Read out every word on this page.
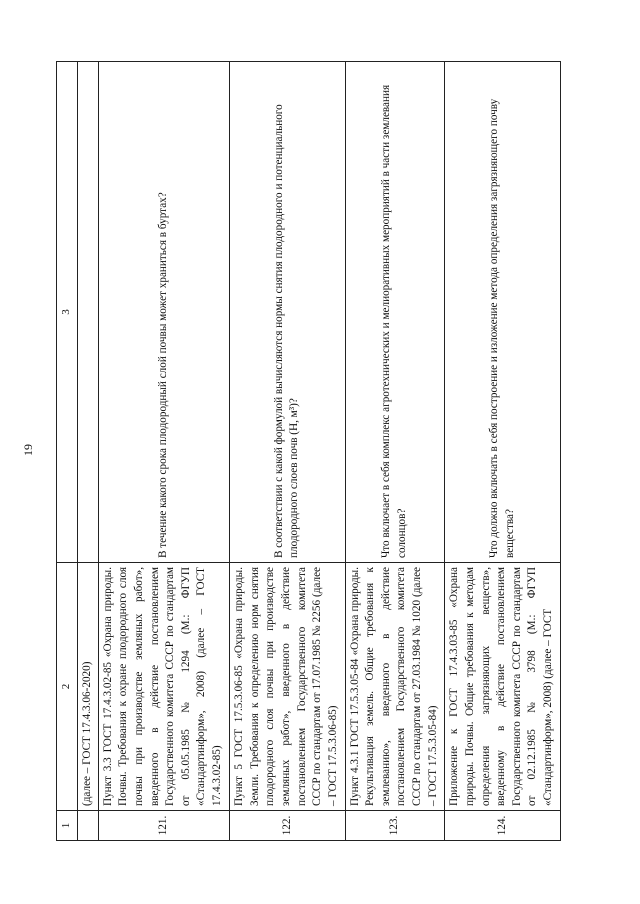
19
1	2	3
	(далее – ГОСТ 17.4.3.06-2020)	
121.	Пункт 3.3 ГОСТ 17.4.3.02-85 «Охрана природы. Почвы. Требования к охране плодородного слоя почвы при производстве земляных работ», введенного в действие постановлением Государственного комитета СССР по стандартам от 05.05.1985 № 1294 (М.: ФГУП «Стандартинформ», 2008) (далее – ГОСТ 17.4.3.02-85)	В течение какого срока плодородный слой почвы может храниться в буртах?
122.	Пункт 5 ГОСТ 17.5.3.06-85 «Охрана природы. Земли. Требования к определению норм снятия плодородного слоя почвы при производстве земляных работ», введенного в действие постановлением Государственного комитета СССР по стандартам от 17.07.1985 № 2256 (далее – ГОСТ 17.5.3.06-85)	В соответствии с какой формулой вычисляются нормы снятия плодородного и потенциального плодородного слоев почв (Н, м³)?
123.	Пункт 4.3.1 ГОСТ 17.5.3.05-84 «Охрана природы. Рекультивация земель. Общие требования к землеванию», введенного в действие постановлением Государственного комитета СССР по стандартам от 27.03.1984 № 1020 (далее – ГОСТ 17.5.3.05-84)	Что включает в себя комплекс агротехнических и мелиоративных мероприятий в части землевания солонцов?
124.	Приложение к ГОСТ 17.4.3.03-85 «Охрана природы. Почвы. Общие требования к методам определения загрязняющих веществ», введенному в действие постановлением Государственного комитета СССР по стандартам от 02.12.1985 № 3798 (М.: ФГУП «Стандартинформ», 2008) (далее – ГОСТ	Что должно включать в себя построение и изложение метода определения загрязняющего почву вещества?
